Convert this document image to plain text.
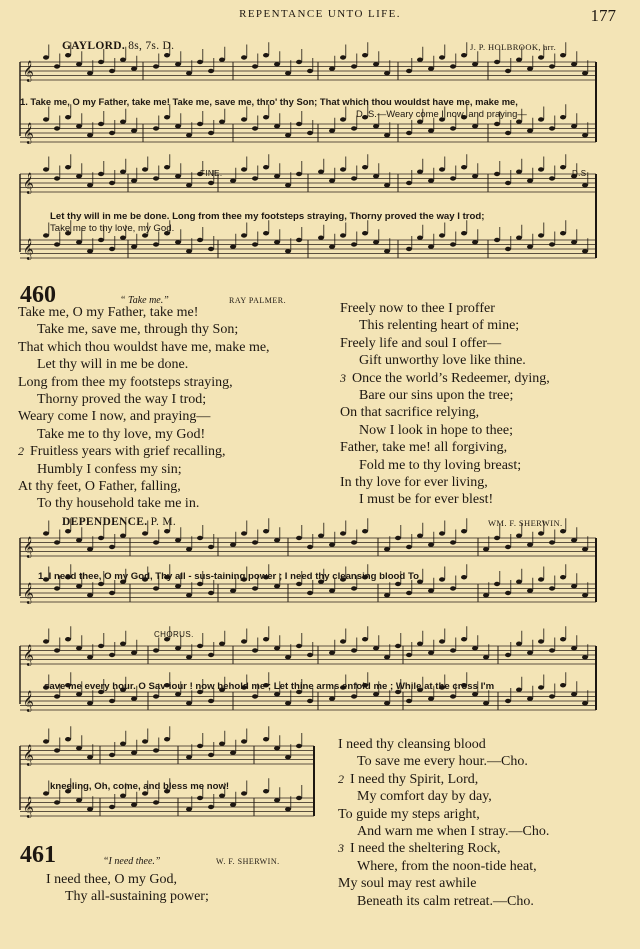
REPENTANCE UNTO LIFE.	177
GAYLORD. 8s, 7s. D.	J. P. HOLBROOK, arr.
𝄞
𝄞
𝄞
𝄞
𝄞
𝄞
𝄞
𝄞
𝄞
𝄞
1. Take me, O my Father, take me! Take me, save me, thro' thy Son; That which thou wouldst have me, make me,
D. S.—Weary come I now, and praying—
FINE.	D.S.
Let thy will in me be done. Long from thee my footsteps straying, Thorny proved the way I trod;
Take me to thy love, my God.
460	“ Take me.”	RAY PALMER.
Take me, O my Father, take me!
Take me, save me, through thy Son;
That which thou wouldst have me, make me,
Let thy will in me be done.
Long from thee my footsteps straying,
Thorny proved the way I trod;
Weary come I now, and praying—
Take me to thy love, my God!
2 Fruitless years with grief recalling,
Humbly I confess my sin;
At thy feet, O Father, falling,
To thy household take me in.
Freely now to thee I proffer
This relenting heart of mine;
Freely life and soul I offer—
Gift unworthy love like thine.
3 Once the world’s Redeemer, dying,
Bare our sins upon the tree;
On that sacrifice relying,
Now I look in hope to thee;
Father, take me! all forgiving,
Fold me to thy loving breast;
In thy love for ever living,
I must be for ever blest!
DEPENDENCE. P. M.	WM. F. SHERWIN.
1. I need thee, O my God, Thy all - sus-taining power ; I need thy cleansing blood To
CHORUS.
save me every hour. O Sav-iour ! now behold me ; Let thine arms enfold me ; While at the cross I'm
kneeling, Oh, come, and bless me now!
461	“I need thee.”	W. F. SHERWIN.
I need thee, O my God,
Thy all-sustaining power;
I need thy cleansing blood
To save me every hour.—Cho.
2 I need thy Spirit, Lord,
My comfort day by day,
To guide my steps aright,
And warn me when I stray.—Cho.
3 I need the sheltering Rock,
Where, from the noon-tide heat,
My soul may rest awhile
Beneath its calm retreat.—Cho.
